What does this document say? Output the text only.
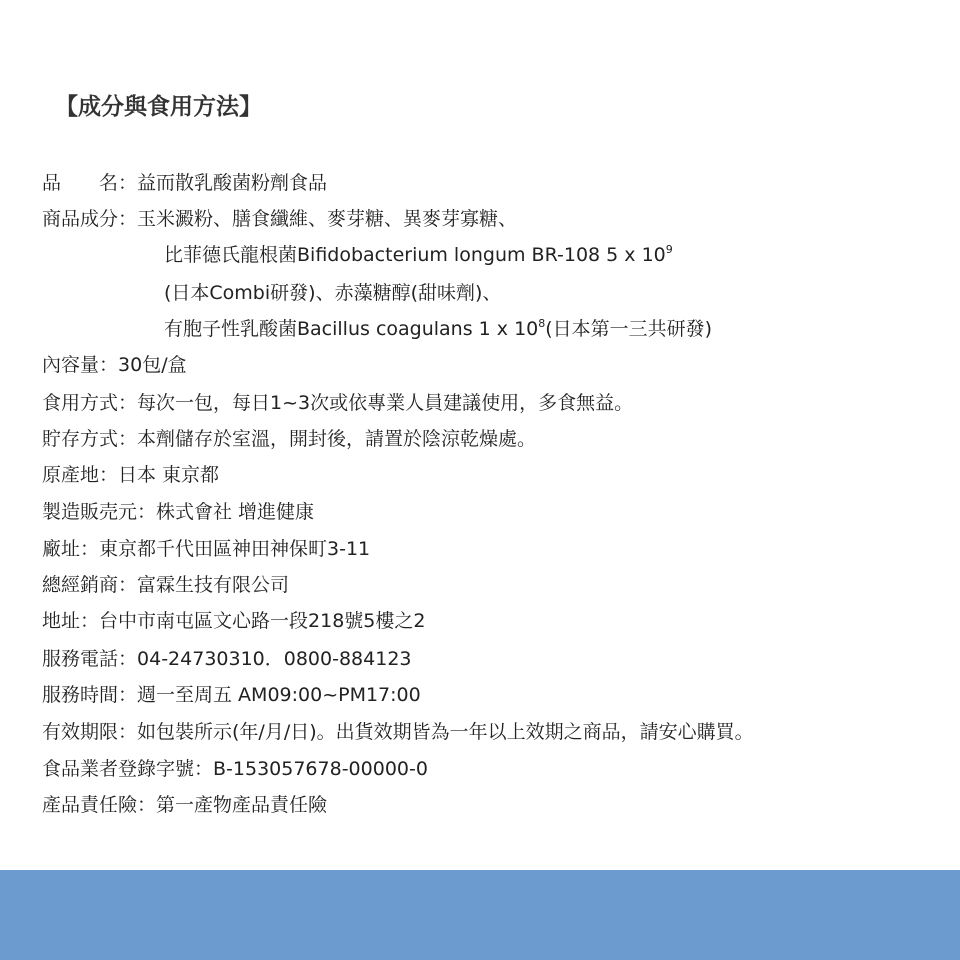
【成分與食用方法】
品　　名：益而散乳酸菌粉劑食品
商品成分：玉米澱粉、膳食纖維、麥芽糖、異麥芽寡糖、
比菲德氏龍根菌Bifidobacterium longum BR-108 5 x $10^9$
(日本Combi研發)、赤藻糖醇(甜味劑)、
有胞子性乳酸菌Bacillus coagulans 1 x $10^8$(日本第一三共研發)
內容量：30包/盒
食用方式：每次一包，每日1~3次或依專業人員建議使用，多食無益。
貯存方式：本劑儲存於室溫，開封後，請置於陰涼乾燥處。
原產地：日本 東京都
製造販売元：株式會社 增進健康
廠址：東京都千代田區神田神保町3-11
總經銷商：富霖生技有限公司
地址：台中市南屯區文心路一段218號5樓之2
服務電話：04-24730310．0800-884123
服務時間：週一至周五 AM09:00~PM17:00
有效期限：如包裝所示(年/月/日)。出貨效期皆為一年以上效期之商品，請安心購買。
食品業者登錄字號：B-153057678-00000-0
產品責任險：第一產物產品責任險
